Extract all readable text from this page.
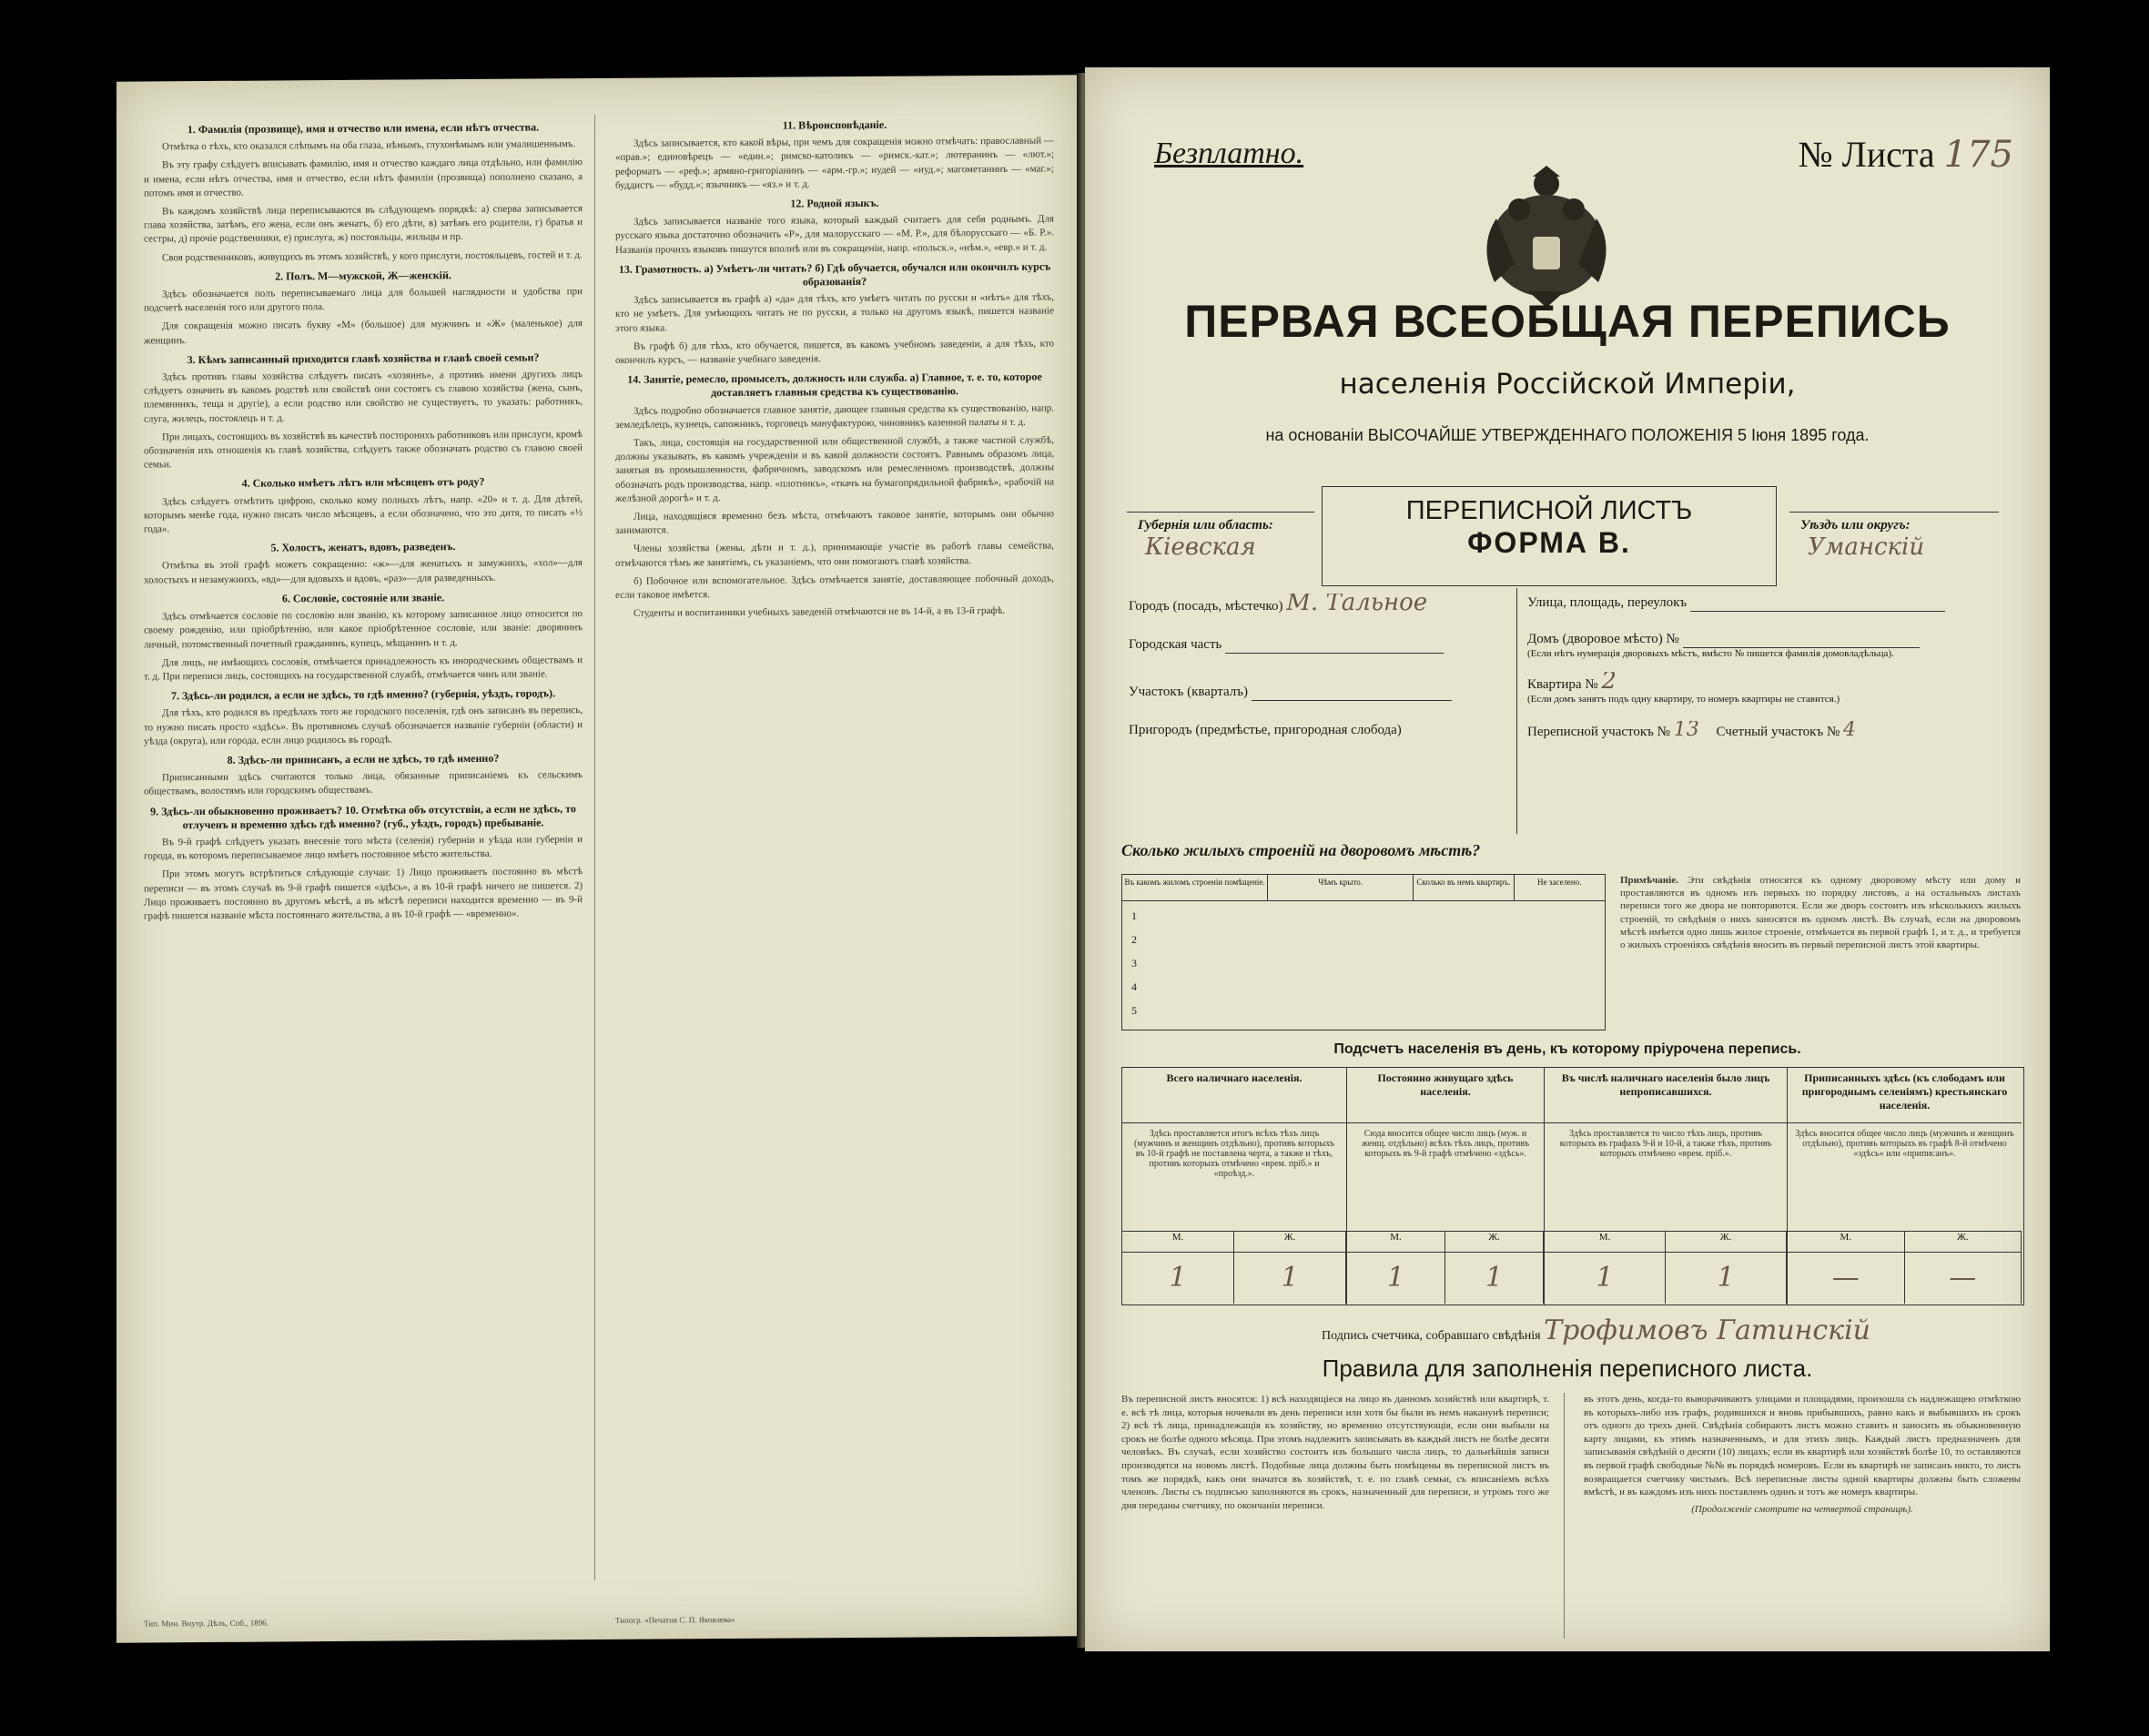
1. Фамилія (прозвище), имя и отчество или имена, если нѣтъ отчества.

Отмѣтка о тѣхъ, кто оказался слѣпымъ на оба глаза, нѣмымъ, глухонѣмымъ или умалишеннымъ.

Въ эту графу слѣдуетъ вписывать фамилію, имя и отчество каждаго лица отдѣльно, или фамилію и имена, если нѣтъ отчества, имя и отчество, если нѣтъ фамиліи (прозвища) пополнено сказано, а потомъ имя и отчество.

Въ каждомъ хозяйствѣ лица переписываются въ слѣдующемъ порядкѣ: а) сперва записывается глава хозяйства, затѣмъ, его жена, если онъ женатъ, б) его дѣти, в) затѣмъ его родители, г) братья и сестры, д) прочіе родственники, е) прислуга, ж) постояльцы, жильцы и пр.

Своя родственниковъ, живущихъ въ этомъ хозяйствѣ, у кого прислуги, постояльцевъ, гостей и т. д.

2. Полъ. М—мужской, Ж—женскій.

Здѣсь обозначается полъ переписываемаго лица для большей наглядности и удобства при подсчетѣ населенія того или другого пола.

Для сокращенія можно писать букву «М» (большое) для мужчинъ и «Ж» (маленькое) для женщинъ.

3. Кѣмъ записанный приходится главѣ хозяйства и главѣ своей семьи?

Здѣсь противъ главы хозяйства слѣдуетъ писать «хозяинъ», а противъ имени другихъ лицъ слѣдуетъ означить въ какомъ родствѣ или свойствѣ они состоятъ съ главою хозяйства (жена, сынъ, племянникъ, теща и другіе), а если родство или свойство не существуетъ, то указать: работникъ, слуга, жилецъ, постоялецъ и т. д.

При лицахъ, состоящихъ въ хозяйствѣ въ качествѣ посторонихъ работниковъ или прислуги, кромѣ обозначенія ихъ отношенія къ главѣ хозяйства, слѣдуетъ также обозначать родство съ главою своей семьи.

4. Сколько имѣетъ лѣтъ или мѣсяцевъ отъ роду?

Здѣсь слѣдуетъ отмѣтить цифрою, сколько кому полныхъ лѣтъ, напр. «20» и т. д. Для дѣтей, которымъ менѣе года, нужно писать число мѣсяцевъ, а если обозначено, что это дитя, то писать «½ года».

5. Холостъ, женатъ, вдовъ, разведенъ.

Отмѣтка въ этой графѣ можетъ сокращенно: «ж»—для женатыхъ и замужнихъ, «хол»—для холостыхъ и незамужнихъ, «вд»—для вдовыхъ и вдовъ, «раз»—для разведенныхъ.

6. Сословіе, состояніе или званіе.

Здѣсь отмѣчается сословіе по сословію или званію, къ которому записанное лицо относится по своему рожденію, или пріобрѣтенію, или какое пріобрѣтенное сословіе, или званіе: дворянинъ личный, потомственный почетный гражданинъ, купецъ, мѣщанинъ и т. д.

Для лицъ, не имѣющихъ сословія, отмѣчается принадлежность къ инородческимъ обществамъ и т. д. При переписи лицъ, состоящихъ на государственной службѣ, отмѣчается чинъ или званіе.

7. Здѣсь-ли родился, а если не здѣсь, то гдѣ именно? (губернія, уѣздъ, городъ).

Для тѣхъ, кто родился въ предѣлахъ того же городского поселенія, гдѣ онъ записанъ въ перепись, то нужно писать просто «здѣсь». Въ противномъ случаѣ обозначается названіе губерніи (области) и уѣзда (округа), или города, если лицо родилось въ городѣ.

8. Здѣсь-ли приписанъ, а если не здѣсь, то гдѣ именно?

Приписанными здѣсь считаются только лица, обязанные приписаніемъ къ сельскимъ обществамъ, волостямъ или городскимъ обществамъ.

9. Здѣсь-ли обыкновенно проживаетъ? 10. Отмѣтка объ отсутствіи, а если не здѣсь, то отлученъ и временно здѣсь гдѣ именно? (губ., уѣздъ, городъ) пребываніе.

Въ 9-й графѣ слѣдуетъ указать внесеніе того мѣста (селенія) губерніи и уѣзда или губерніи и города, въ которомъ переписываемое лицо имѣетъ постоянное мѣсто жительства.

При этомъ могутъ встрѣтиться слѣдующіе случаи: 1) Лицо проживаетъ постоянно въ мѣстѣ переписи — въ этомъ случаѣ въ 9-й графѣ пишется «здѣсь», а въ 10-й графѣ ничего не пишется. 2) Лицо проживаетъ постоянно въ другомъ мѣстѣ, а въ мѣстѣ переписи находится временно — въ 9-й графѣ пишется названіе мѣста постояннаго жительства, а въ 10-й графѣ — «временно».

11. Вѣроисповѣданіе.

Здѣсь записывается, кто какой вѣры, при чемъ для сокращенія можно отмѣчать: православный — «прав.»; единовѣрецъ — «един.»; римско-католикъ — «римск.-кат.»; лютеранинъ — «лют.»; реформатъ — «реф.»; армяно-григоріанинъ — «арм.-гр.»; иудей — «иуд.»; магометанинъ — «маг.»; буддистъ — «будд.»; язычникъ — «яз.» и т. д.

12. Родной языкъ.

Здѣсь записывается названіе того языка, который каждый считаетъ для себя роднымъ. Для русскаго языка достаточно обозначить «Р», для малорусскаго — «М. Р.», для бѣлорусскаго — «Б. Р.». Названія прочихъ языковъ пишутся вполнѣ или въ сокращеніи, напр. «польск.», «нѣм.», «евр.» и т. д.

13. Грамотность. а) Умѣетъ-ли читать? б) Гдѣ обучается, обучался или окончилъ курсъ образованія?

Здѣсь записывается въ графѣ а) «да» для тѣхъ, кто умѣетъ читать по русски и «нѣтъ» для тѣхъ, кто не умѣетъ. Для умѣющихъ читать не по русски, а только на другомъ языкѣ, пишется названіе этого языка.

Въ графѣ б) для тѣхъ, кто обучается, пишется, въ какомъ учебномъ заведеніи, а для тѣхъ, кто окончилъ курсъ, — названіе учебнаго заведенія.

14. Занятіе, ремесло, промыселъ, должность или служба. а) Главное, т. е. то, которое доставляетъ главныя средства къ существованію.

Здѣсь подробно обозначается главное занятіе, дающее главныя средства къ существованію, напр. земледѣлецъ, кузнецъ, сапожникъ, торговецъ мануфактурою, чиновникъ казенной палаты и т. д.

Такъ, лица, состоящія на государственной или общественной службѣ, а также частной службѣ, должны указывать, въ какомъ учрежденіи и въ какой должности состоятъ. Равнымъ образомъ лица, занятыя въ промышленности, фабричномъ, заводскомъ или ремесленномъ производствѣ, должны обозначать родъ производства, напр. «плотникъ», «ткачъ на бумагопрядильной фабрикѣ», «рабочій на желѣзной дорогѣ» и т. д.

Лица, находящіяся временно безъ мѣста, отмѣчаютъ таковое занятіе, которымъ они обычно занимаются.

Члены хозяйства (жены, дѣти и т. д.), принимающіе участіе въ работѣ главы семейства, отмѣчаются тѣмъ же занятіемъ, съ указаніемъ, что они помогаютъ главѣ хозяйства.

б) Побочное или вспомогательное. Здѣсь отмѣчается занятіе, доставляющее побочный доходъ, если таковое имѣется.

Студенты и воспитанники учебныхъ заведеній отмѣчаются не въ 14-й, а въ 13-й графѣ.

Тип. Мин. Внутр. Дѣлъ, Спб., 1896.	Типогр. «Печатня С. П. Яковлева»
Безплатно.	№ Листа 175
ПЕРВАЯ ВСЕОБЩАЯ ПЕРЕПИСЬ
населенія Россійской Имперіи,
на основаніи ВЫСОЧАЙШЕ УТВЕРЖДЕННАГО ПОЛОЖЕНІЯ 5 Іюня 1895 года.
Губернія или область:
Кіевская
ПЕРЕПИСНОЙ ЛИСТЪ
ФОРМА В.
Уѣздъ или округъ:
Уманскій
Городъ (посадъ, мѣстечко) М. Тальное
Городская часть
Участокъ (кварталъ)
Пригородъ (предмѣстье, пригородная слобода)
Улица, площадь, переулокъ
Домъ (дворовое мѣсто) №
(Если нѣтъ нумерація дворовыхъ мѣстъ, вмѣсто № пишется фамилія домовладѣльца).
Квартира № 2
(Если домъ занятъ подъ одну квартиру, то номеръ квартиры не ставится.)
Переписной участокъ № 13 Счетный участокъ № 4
Сколько жилыхъ строеній на дворовомъ мѣстѣ?
Въ какомъ жиломъ строеніи помѣщеніе.	Чѣмъ крыто.	Сколько въ немъ квартиръ.	Не заселено.
1
2
3
4
5
Примѣчаніе. Эти свѣдѣнія относятся къ одному дворовому мѣсту или дому и проставляются въ одномъ изъ первыхъ по порядку листовъ, а на остальныхъ листахъ переписи того же двора не повторяются. Если же дворъ состоитъ изъ нѣсколькихъ жилыхъ строеній, то свѣдѣнія о нихъ заносятся въ одномъ листѣ. Въ случаѣ, если на дворовомъ мѣстѣ имѣется одно лишь жилое строеніе, отмѣчается въ первой графѣ 1, и т. д., и требуется о жилыхъ строеніяхъ свѣдѣнія вносить въ первый переписной листъ этой квартиры.
Подсчетъ населенія въ день, къ которому пріурочена перепись.
Всего наличнаго населенія.
Здѣсь проставляется итогъ всѣхъ тѣхъ лицъ (мужчинъ и женщинъ отдѣльно), противъ которыхъ въ 10-й графѣ не поставлена черта, а также и тѣхъ, противъ которыхъ отмѣчено «врем. пріб.» и «проѣзд.».
М.	Ж.
1	1
Постоянно живущаго здѣсь населенія.
Сюда вносится общее число лицъ (муж. и женщ. отдѣльно) всѣхъ тѣхъ лицъ, противъ которыхъ въ 9-й графѣ отмѣчено «здѣсь».
М.	Ж.
1	1
Въ числѣ наличнаго населенія было лицъ непрописавшихся.
Здѣсь проставляется то число тѣхъ лицъ, противъ которыхъ въ графахъ 9-й и 10-й, а также тѣхъ, противъ которыхъ отмѣчено «врем. пріб.».
М.	Ж.
1	1
Приписанныхъ здѣсь (къ слободамъ или пригороднымъ селеніямъ) крестьянскаго населенія.
Здѣсь вносится общее число лицъ (мужчинъ и женщинъ отдѣльно), противъ которыхъ въ графѣ 8-й отмѣчено «здѣсь» или «приписанъ».
М.	Ж.
—	—
Подпись счетчика, собравшаго свѣдѣнія Трофимовъ Гатинскій
Правила для заполненія переписного листа.
Въ переписной листъ вносятся: 1) всѣ находящіеся на лицо въ данномъ хозяйствѣ или квартирѣ, т. е. всѣ тѣ лица, которыя ночевали въ день переписи или хотя бы были въ немъ наканунѣ переписи; 2) всѣ тѣ лица, принадлежащія къ хозяйству, но временно отсутствующія, если они выбыли на срокъ не болѣе одного мѣсяца. При этомъ надлежитъ записывать въ каждый листъ не болѣе десяти человѣкъ. Въ случаѣ, если хозяйство состоитъ изъ большаго числа лицъ, то дальнѣйшія записи производятся на новомъ листѣ. Подобные лица должны быть помѣщены въ переписной листъ въ томъ же порядкѣ, какъ они значатся въ хозяйствѣ, т. е. по главѣ семьи, съ вписаніемъ всѣхъ членовъ. Листы съ подписью заполняются въ срокъ, назначенный для переписи, и утромъ того же дня переданы счетчику, по окончаніи переписи.
въ этотъ день, когда-то выворачиваютъ улицами и площадями, произошла съ надлежащею отмѣткою въ которыхъ-либо изъ графъ, родившихся и вновь прибывшихъ, равно какъ и выбывшихъ въ срокъ отъ одного до трехъ дней. Свѣдѣнія собираютъ листъ можно ставить и заносить въ обыкновенную карту лицами, къ этимъ назначеннымъ, и для этихъ лицъ. Каждый листъ предназначенъ для записыванія свѣдѣній о десяти (10) лицахъ; если въ квартирѣ или хозяйствѣ болѣе 10, то оставляются въ первой графѣ свободные №№ въ порядкѣ номеровъ. Если въ квартирѣ не записанъ никто, то листъ возвращается счетчику чистымъ. Всѣ переписные листы одной квартиры должны быть сложены вмѣстѣ, и въ каждомъ изъ нихъ поставленъ одинъ и тотъ же номеръ квартиры.
(Продолженіе смотрите на четвертой страницѣ).
